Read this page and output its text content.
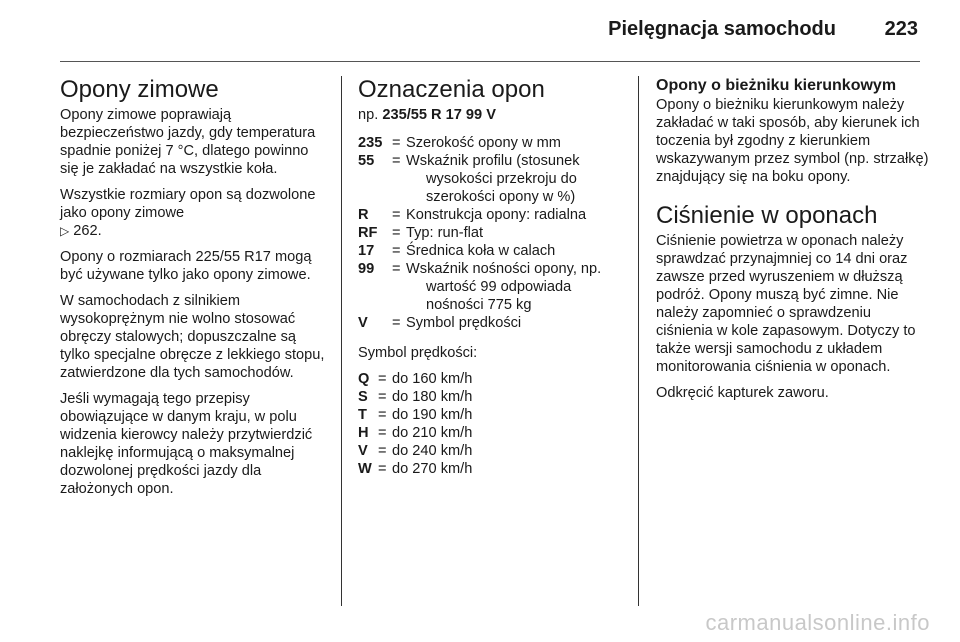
Pielęgnacja samochodu 223
Opony zimowe

Opony zimowe poprawiają bezpieczeństwo jazdy, gdy temperatura spadnie poniżej 7 °C, dlatego powinno się je zakładać na wszystkie koła.

Wszystkie rozmiary opon są dozwolone jako opony zimowe
▷ 262.

Opony o rozmiarach 225/55 R17 mogą być używane tylko jako opony zimowe.

W samochodach z silnikiem wysokoprężnym nie wolno stosować obręczy stalowych; dopuszczalne są tylko specjalne obręcze z lekkiego stopu, zatwierdzone dla tych samochodów.

Jeśli wymagają tego przepisy obowiązujące w danym kraju, w polu widzenia kierowcy należy przytwierdzić naklejkę informującą o maksymalnej dozwolonej prędkości jazdy dla założonych opon.

Oznaczenia opon
np. 235/55 R 17 99 V
235 = Szerokość opony w mm
55	= Wskaźnik profilu (stosunek
wysokości przekroju do szerokości opony w %)
R	= Konstrukcja opony: radialna
RF = Typ: run-flat
17	= Średnica koła w calach
99	= Wskaźnik nośności opony, np.
wartość 99 odpowiada nośności 775 kg
V	= Symbol prędkości

Symbol prędkości:

Q = do 160 km/h
S = do 180 km/h
T = do 190 km/h
H = do 210 km/h
V = do 240 km/h
W = do 270 km/h
Opony o bieżniku kierunkowym

Opony o bieżniku kierunkowym należy zakładać w taki sposób, aby kierunek ich toczenia był zgodny z kierunkiem wskazywanym przez symbol (np. strzałkę) znajdujący się na boku opony.

Ciśnienie w oponach

Ciśnienie powietrza w oponach należy sprawdzać przynajmniej co 14 dni oraz zawsze przed wyruszeniem w dłuższą podróż. Opony muszą być zimne. Nie należy zapomnieć o sprawdzeniu ciśnienia w kole zapasowym. Dotyczy to także wersji samochodu z układem monitorowania ciśnienia w oponach.

Odkręcić kapturek zaworu.

carmanualsonline.info
